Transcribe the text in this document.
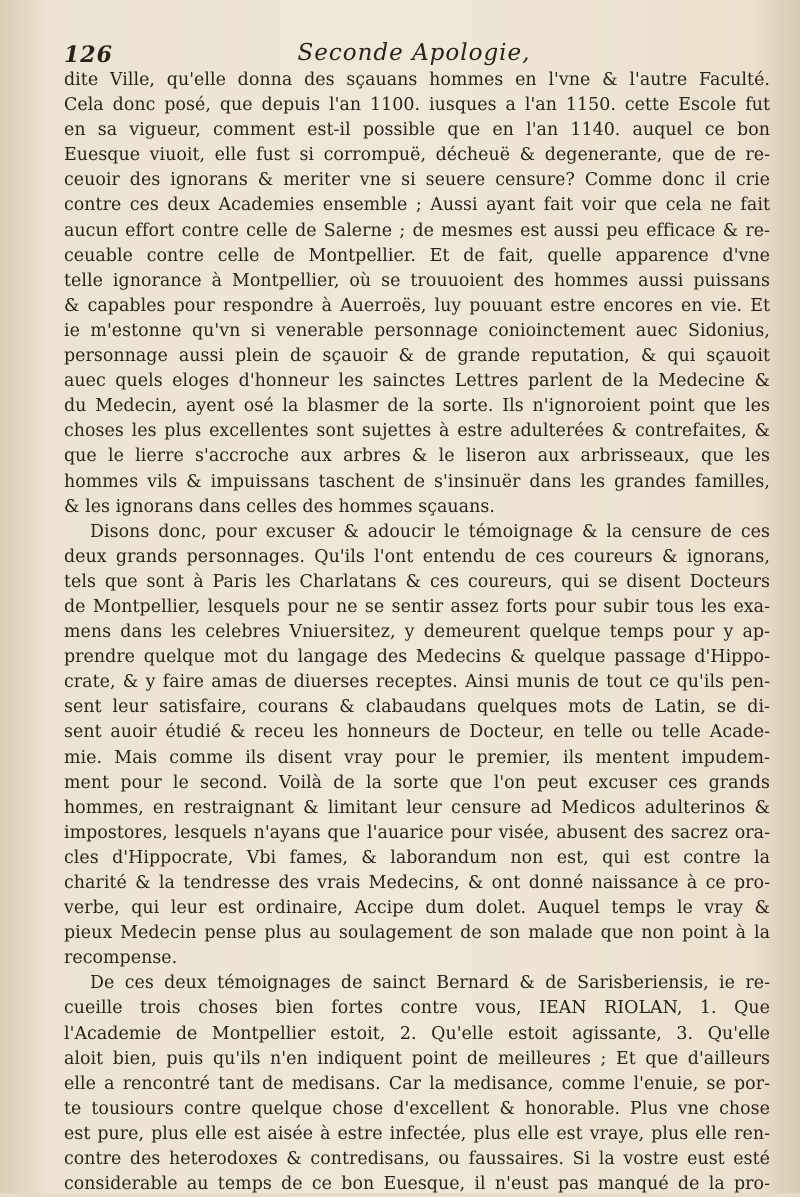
126	Seconde Apologie,
dite Ville, qu'elle donna des sçauans hommes en l'vne & l'autre Faculté.
Cela donc posé, que depuis l'an 1100. iusques a l'an 1150. cette Escole fut
en sa vigueur, comment est-il possible que en l'an 1140. auquel ce bon
Euesque viuoit, elle fust si corrompuë, décheuë & degenerante, que de re-
ceuoir des ignorans & meriter vne si seuere censure? Comme donc il crie
contre ces deux Academies ensemble ; Aussi ayant fait voir que cela ne fait
aucun effort contre celle de Salerne ; de mesmes est aussi peu efficace & re-
ceuable contre celle de Montpellier. Et de fait, quelle apparence d'vne
telle ignorance à Montpellier, où se trouuoient des hommes aussi puissans
& capables pour respondre à Auerroës, luy pouuant estre encores en vie. Et
ie m'estonne qu'vn si venerable personnage conioinctement auec Sidonius,
personnage aussi plein de sçauoir & de grande reputation, & qui sçauoit
auec quels eloges d'honneur les sainctes Lettres parlent de la Medecine &
du Medecin, ayent osé la blasmer de la sorte. Ils n'ignoroient point que les
choses les plus excellentes sont sujettes à estre adulterées & contrefaites, &
que le lierre s'accroche aux arbres & le liseron aux arbrisseaux, que les
hommes vils & impuissans taschent de s'insinuër dans les grandes familles,
& les ignorans dans celles des hommes sçauans.
Disons donc, pour excuser & adoucir le témoignage & la censure de ces
deux grands personnages. Qu'ils l'ont entendu de ces coureurs & ignorans,
tels que sont à Paris les Charlatans & ces coureurs, qui se disent Docteurs
de Montpellier, lesquels pour ne se sentir assez forts pour subir tous les exa-
mens dans les celebres Vniuersitez, y demeurent quelque temps pour y ap-
prendre quelque mot du langage des Medecins & quelque passage d'Hippo-
crate, & y faire amas de diuerses receptes. Ainsi munis de tout ce qu'ils pen-
sent leur satisfaire, courans & clabaudans quelques mots de Latin, se di-
sent auoir étudié & receu les honneurs de Docteur, en telle ou telle Acade-
mie. Mais comme ils disent vray pour le premier, ils mentent impudem-
ment pour le second. Voilà de la sorte que l'on peut excuser ces grands
hommes, en restraignant & limitant leur censure ad Medicos adulterinos &
impostores, lesquels n'ayans que l'auarice pour visée, abusent des sacrez ora-
cles d'Hippocrate, Vbi fames, & laborandum non est, qui est contre la
charité & la tendresse des vrais Medecins, & ont donné naissance à ce pro-
verbe, qui leur est ordinaire, Accipe dum dolet. Auquel temps le vray &
pieux Medecin pense plus au soulagement de son malade que non point à la
recompense.
De ces deux témoignages de sainct Bernard & de Sarisberiensis, ie re-
cueille trois choses bien fortes contre vous, IEAN RIOLAN, 1. Que
l'Academie de Montpellier estoit, 2. Qu'elle estoit agissante, 3. Qu'elle
aloit bien, puis qu'ils n'en indiquent point de meilleures ; Et que d'ailleurs
elle a rencontré tant de medisans. Car la medisance, comme l'enuie, se por-
te tousiours contre quelque chose d'excellent & honorable. Plus vne chose
est pure, plus elle est aisée à estre infectée, plus elle est vraye, plus elle ren-
contre des heterodoxes & contredisans, ou faussaires. Si la vostre eust esté
considerable au temps de ce bon Euesque, il n'eust pas manqué de la pro-
